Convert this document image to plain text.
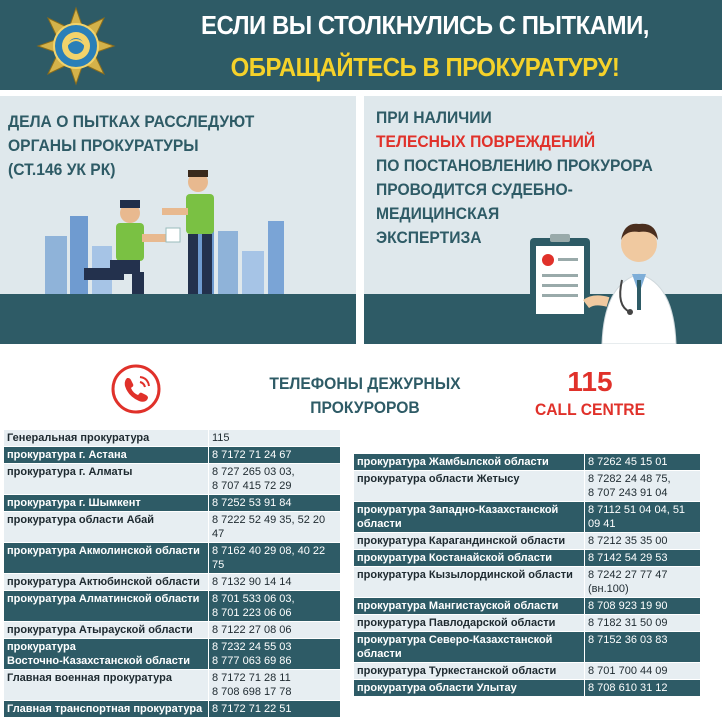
ЕСЛИ ВЫ СТОЛКНУЛИСЬ С ПЫТКАМИ,
ОБРАЩАЙТЕСЬ В ПРОКУРАТУРУ!
ДЕЛА О ПЫТКАХ РАССЛЕДУЮТ
ОРГАНЫ ПРОКУРАТУРЫ
(СТ.146 УК РК)
ПРИ НАЛИЧИИ
ТЕЛЕСНЫХ ПОВРЕЖДЕНИЙ
ПО ПОСТАНОВЛЕНИЮ ПРОКУРОРА
ПРОВОДИТСЯ СУДЕБНО-МЕДИЦИНСКАЯ
ЭКСПЕРТИЗА
ТЕЛЕФОНЫ ДЕЖУРНЫХ
ПРОКУРОРОВ
115
CALL CENTRE
Генеральная прокуратура	115
прокуратура г. Астана	8 7172 71 24 67
прокуратура г. Алматы	8 727 265 03 03,
8 707 415 72 29
прокуратура г. Шымкент	8 7252 53 91 84
прокуратура области Абай	8 7222 52 49 35, 52 20 47
прокуратура Акмолинской области	8 7162 40 29 08, 40 22 75
прокуратура Актюбинской области	8 7132 90 14 14
прокуратура Алматинской области	8 701 533 06 03,
8 701 223 06 06
прокуратура Атырауской области	8 7122 27 08 06
прокуратура
Восточно-Казахстанской области	8 7232 24 55 03
8 777 063 69 86
Главная военная прокуратура	8 7172 71 28 11
8 708 698 17 78
Главная транспортная прокуратура	8 7172 71 22 51
прокуратура Жамбылской области	8 7262 45 15 01
прокуратура области Жетысу	8 7282 24 48 75,
8 707 243 91 04
прокуратура Западно-Казахстанской
области	8 7112 51 04 04, 51 09 41
прокуратура Карагандинской области	8 7212 35 35 00
прокуратура Костанайской области	8 7142 54 29 53
прокуратура Кызылординской области	8 7242 27 77 47 (вн.100)
прокуратура Мангистауской области	8 708 923 19 90
прокуратура Павлодарской области	8 7182 31 50 09
прокуратура Северо-Казахстанской
области	8 7152 36 03 83
прокуратура Туркестанской области	8 701 700 44 09
прокуратура области Улытау	8 708 610 31 12
